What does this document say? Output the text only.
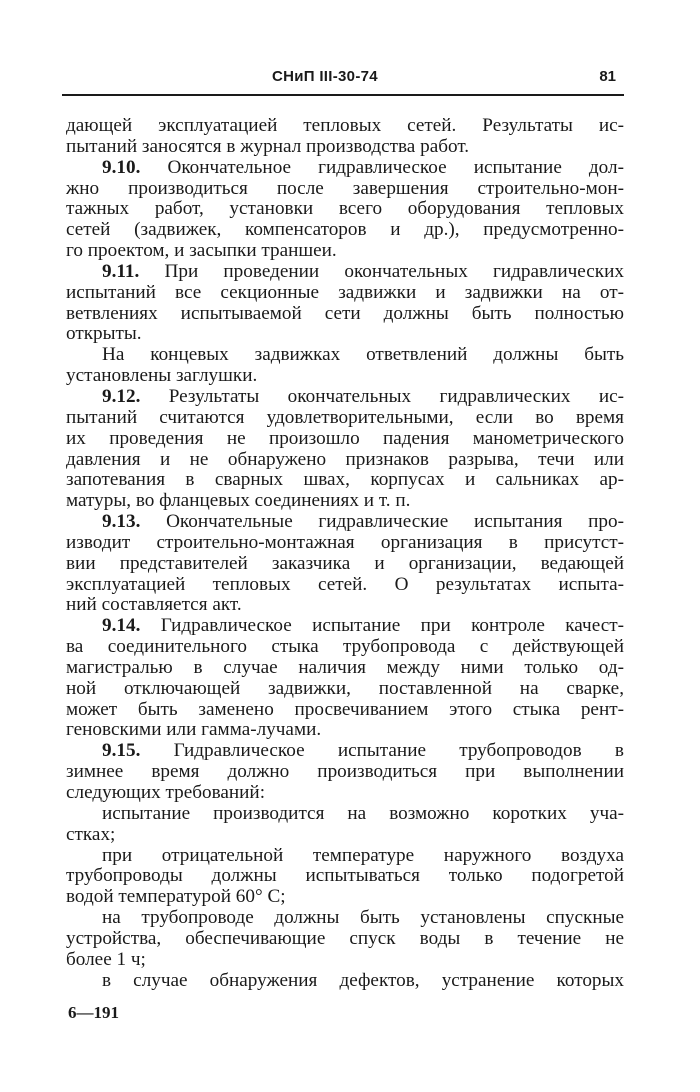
СНиП III-30-74	81
дающей эксплуатацией тепловых сетей. Результаты ис-
пытаний заносятся в журнал производства работ.
9.10. Окончательное гидравлическое испытание дол-
жно производиться после завершения строительно-мон-
тажных работ, установки всего оборудования тепловых
сетей (задвижек, компенсаторов и др.), предусмотренно-
го проектом, и засыпки траншеи.
9.11. При проведении окончательных гидравлических
испытаний все секционные задвижки и задвижки на от-
ветвлениях испытываемой сети должны быть полностью
открыты.
На концевых задвижках ответвлений должны быть
установлены заглушки.
9.12. Результаты окончательных гидравлических ис-
пытаний считаются удовлетворительными, если во время
их проведения не произошло падения манометрического
давления и не обнаружено признаков разрыва, течи или
запотевания в сварных швах, корпусах и сальниках ар-
матуры, во фланцевых соединениях и т. п.
9.13. Окончательные гидравлические испытания про-
изводит строительно-монтажная организация в присутст-
вии представителей заказчика и организации, ведающей
эксплуатацией тепловых сетей. О результатах испыта-
ний составляется акт.
9.14. Гидравлическое испытание при контроле качест-
ва соединительного стыка трубопровода с действующей
магистралью в случае наличия между ними только од-
ной отключающей задвижки, поставленной на сварке,
может быть заменено просвечиванием этого стыка рент-
геновскими или гамма-лучами.
9.15. Гидравлическое испытание трубопроводов в
зимнее время должно производиться при выполнении
следующих требований:
испытание производится на возможно коротких уча-
стках;
при отрицательной температуре наружного воздуха
трубопроводы должны испытываться только подогретой
водой температурой 60° С;
на трубопроводе должны быть установлены спускные
устройства, обеспечивающие спуск воды в течение не
более 1 ч;
в случае обнаружения дефектов, устранение которых
6—191
